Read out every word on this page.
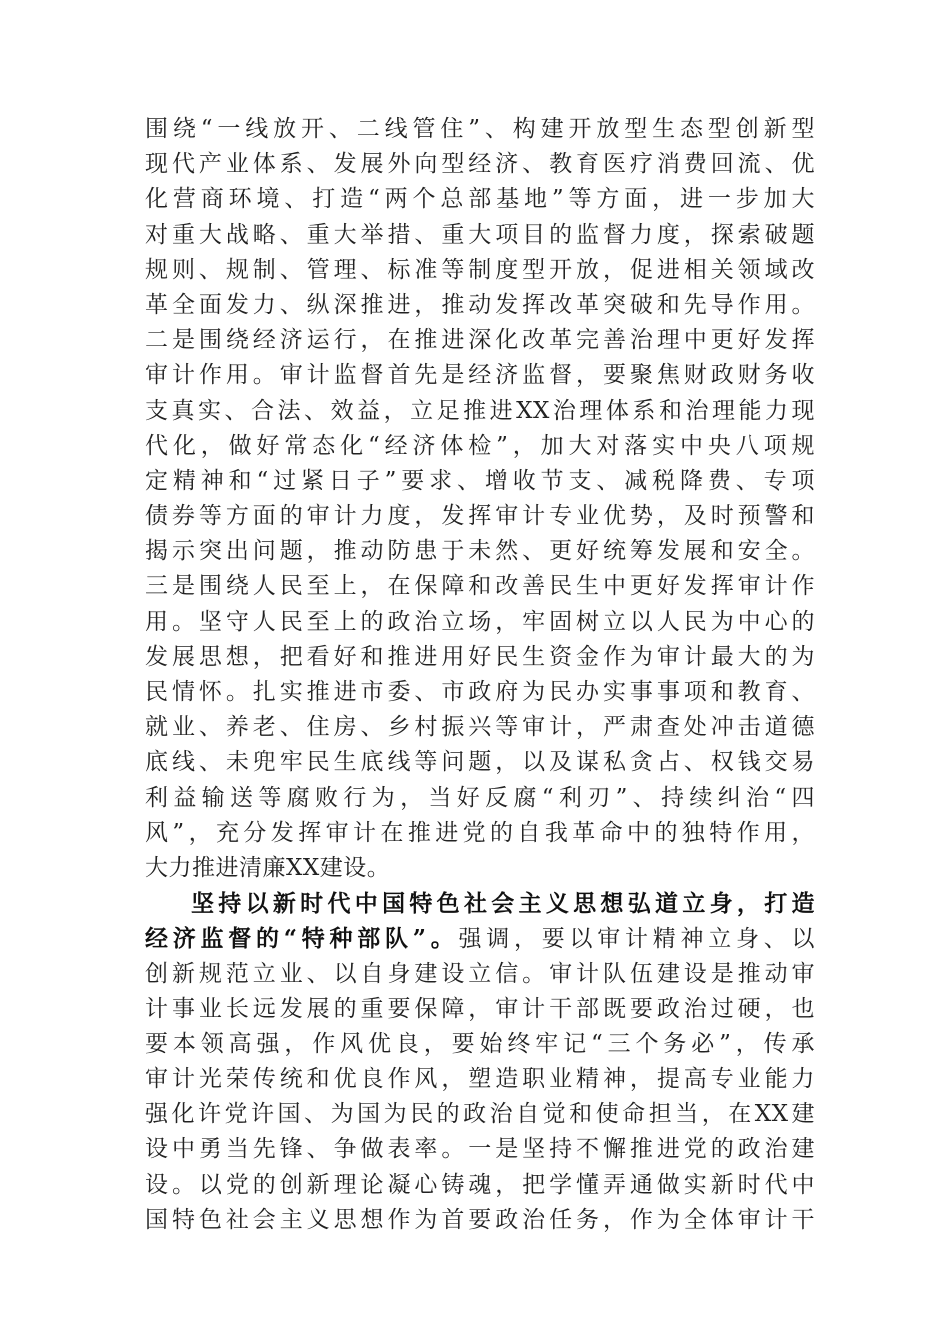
围绕“一线放开、二线管住”、构建开放型生态型创新型
现代产业体系、发展外向型经济、教育医疗消费回流、优
化营商环境、打造“两个总部基地”等方面，进一步加大
对重大战略、重大举措、重大项目的监督力度，探索破题
规则、规制、管理、标准等制度型开放，促进相关领域改
革全面发力、纵深推进，推动发挥改革突破和先导作用。
二是围绕经济运行，在推进深化改革完善治理中更好发挥
审计作用。审计监督首先是经济监督，要聚焦财政财务收
支真实、合法、效益，立足推进XX治理体系和治理能力现
代化，做好常态化“经济体检”，加大对落实中央八项规
定精神和“过紧日子”要求、增收节支、减税降费、专项
债券等方面的审计力度，发挥审计专业优势，及时预警和
揭示突出问题，推动防患于未然、更好统筹发展和安全。
三是围绕人民至上，在保障和改善民生中更好发挥审计作
用。坚守人民至上的政治立场，牢固树立以人民为中心的
发展思想，把看好和推进用好民生资金作为审计最大的为
民情怀。扎实推进市委、市政府为民办实事事项和教育、
就业、养老、住房、乡村振兴等审计，严肃查处冲击道德
底线、未兜牢民生底线等问题，以及谋私贪占、权钱交易
利益输送等腐败行为，当好反腐“利刃”、持续纠治“四
风”，充分发挥审计在推进党的自我革命中的独特作用，
大力推进清廉XX建设。
坚持以新时代中国特色社会主义思想弘道立身，打造
经济监督的“特种部队”。强调，要以审计精神立身、以
创新规范立业、以自身建设立信。审计队伍建设是推动审
计事业长远发展的重要保障，审计干部既要政治过硬，也
要本领高强，作风优良，要始终牢记“三个务必”，传承
审计光荣传统和优良作风，塑造职业精神，提高专业能力
强化许党许国、为国为民的政治自觉和使命担当，在XX建
设中勇当先锋、争做表率。一是坚持不懈推进党的政治建
设。以党的创新理论凝心铸魂，把学懂弄通做实新时代中
国特色社会主义思想作为首要政治任务，作为全体审计干
